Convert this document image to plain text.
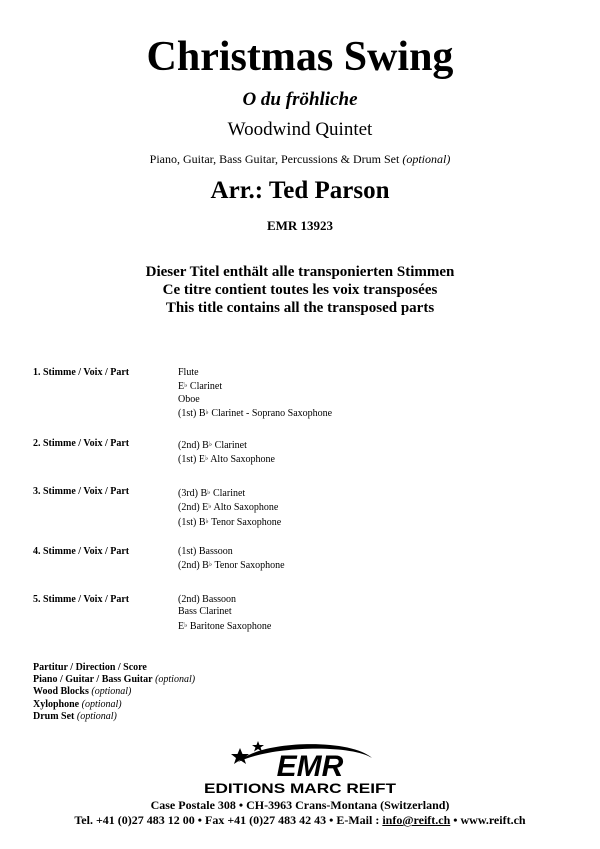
Christmas Swing
O du fröhliche
Woodwind Quintet
Piano, Guitar, Bass Guitar, Percussions & Drum Set (optional)
Arr.: Ted Parson
EMR 13923
Dieser Titel enthält alle transponierten Stimmen
Ce titre contient toutes les voix transposées
This title contains all the transposed parts
1. Stimme / Voix / Part	Flute
E♭ Clarinet
Oboe
(1st) B♭ Clarinet - Soprano Saxophone
2. Stimme / Voix / Part	(2nd) B♭ Clarinet
(1st) E♭ Alto Saxophone
3. Stimme / Voix / Part	(3rd) B♭ Clarinet
(2nd) E♭ Alto Saxophone
(1st) B♭ Tenor Saxophone
4. Stimme / Voix / Part	(1st) Bassoon
(2nd) B♭ Tenor Saxophone
5. Stimme / Voix / Part	(2nd) Bassoon
Bass Clarinet
E♭ Baritone Saxophone
Partitur / Direction / Score
Piano / Guitar / Bass Guitar (optional)
Wood Blocks (optional)
Xylophone (optional)
Drum Set (optional)
EMR
EDITIONS MARC REIFT
Case Postale 308 • CH-3963 Crans-Montana (Switzerland)
Tel. +41 (0)27 483 12 00 • Fax +41 (0)27 483 42 43 • E-Mail : info@reift.ch • www.reift.ch
